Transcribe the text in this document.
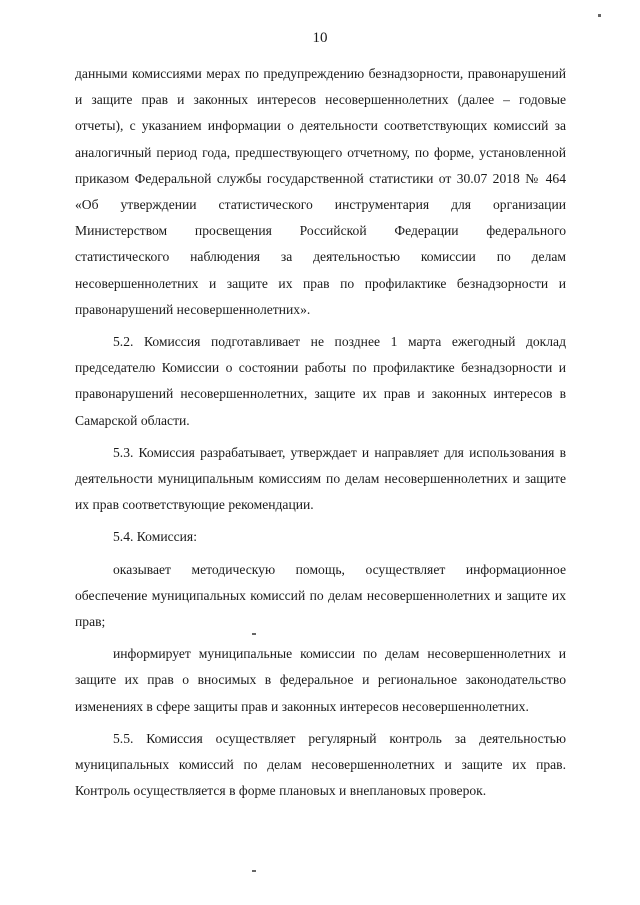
10

данными комиссиями мерах по предупреждению безнадзорности, правонарушений и защите прав и законных интересов несовершеннолетних (далее – годовые отчеты), с указанием информации о деятельности соответствующих комиссий за аналогичный период года, предшествующего отчетному, по форме, установленной приказом Федеральной службы государственной статистики от 30.07 2018 № 464 «Об утверждении статистического инструментария для организации Министерством просвещения Российской Федерации федерального статистического наблюдения за деятельностью комиссии по делам несовершеннолетних и защите их прав по профилактике безнадзорности и правонарушений несовершеннолетних».

5.2. Комиссия подготавливает не позднее 1 марта ежегодный доклад председателю Комиссии о состоянии работы по профилактике безнадзорности и правонарушений несовершеннолетних, защите их прав и законных интересов в Самарской области.

5.3. Комиссия разрабатывает, утверждает и направляет для использования в деятельности муниципальным комиссиям по делам несовершеннолетних и защите их прав соответствующие рекомендации.

5.4. Комиссия:

оказывает методическую помощь, осуществляет информационное обеспечение муниципальных комиссий по делам несовершеннолетних и защите их прав;

информирует муниципальные комиссии по делам несовершеннолетних и защите их прав о вносимых в федеральное и региональное законодательство изменениях в сфере защиты прав и законных интересов несовершеннолетних.

5.5. Комиссия осуществляет регулярный контроль за деятельностью муниципальных комиссий по делам несовершеннолетних и защите их прав. Контроль осуществляется в форме плановых и внеплановых проверок.
